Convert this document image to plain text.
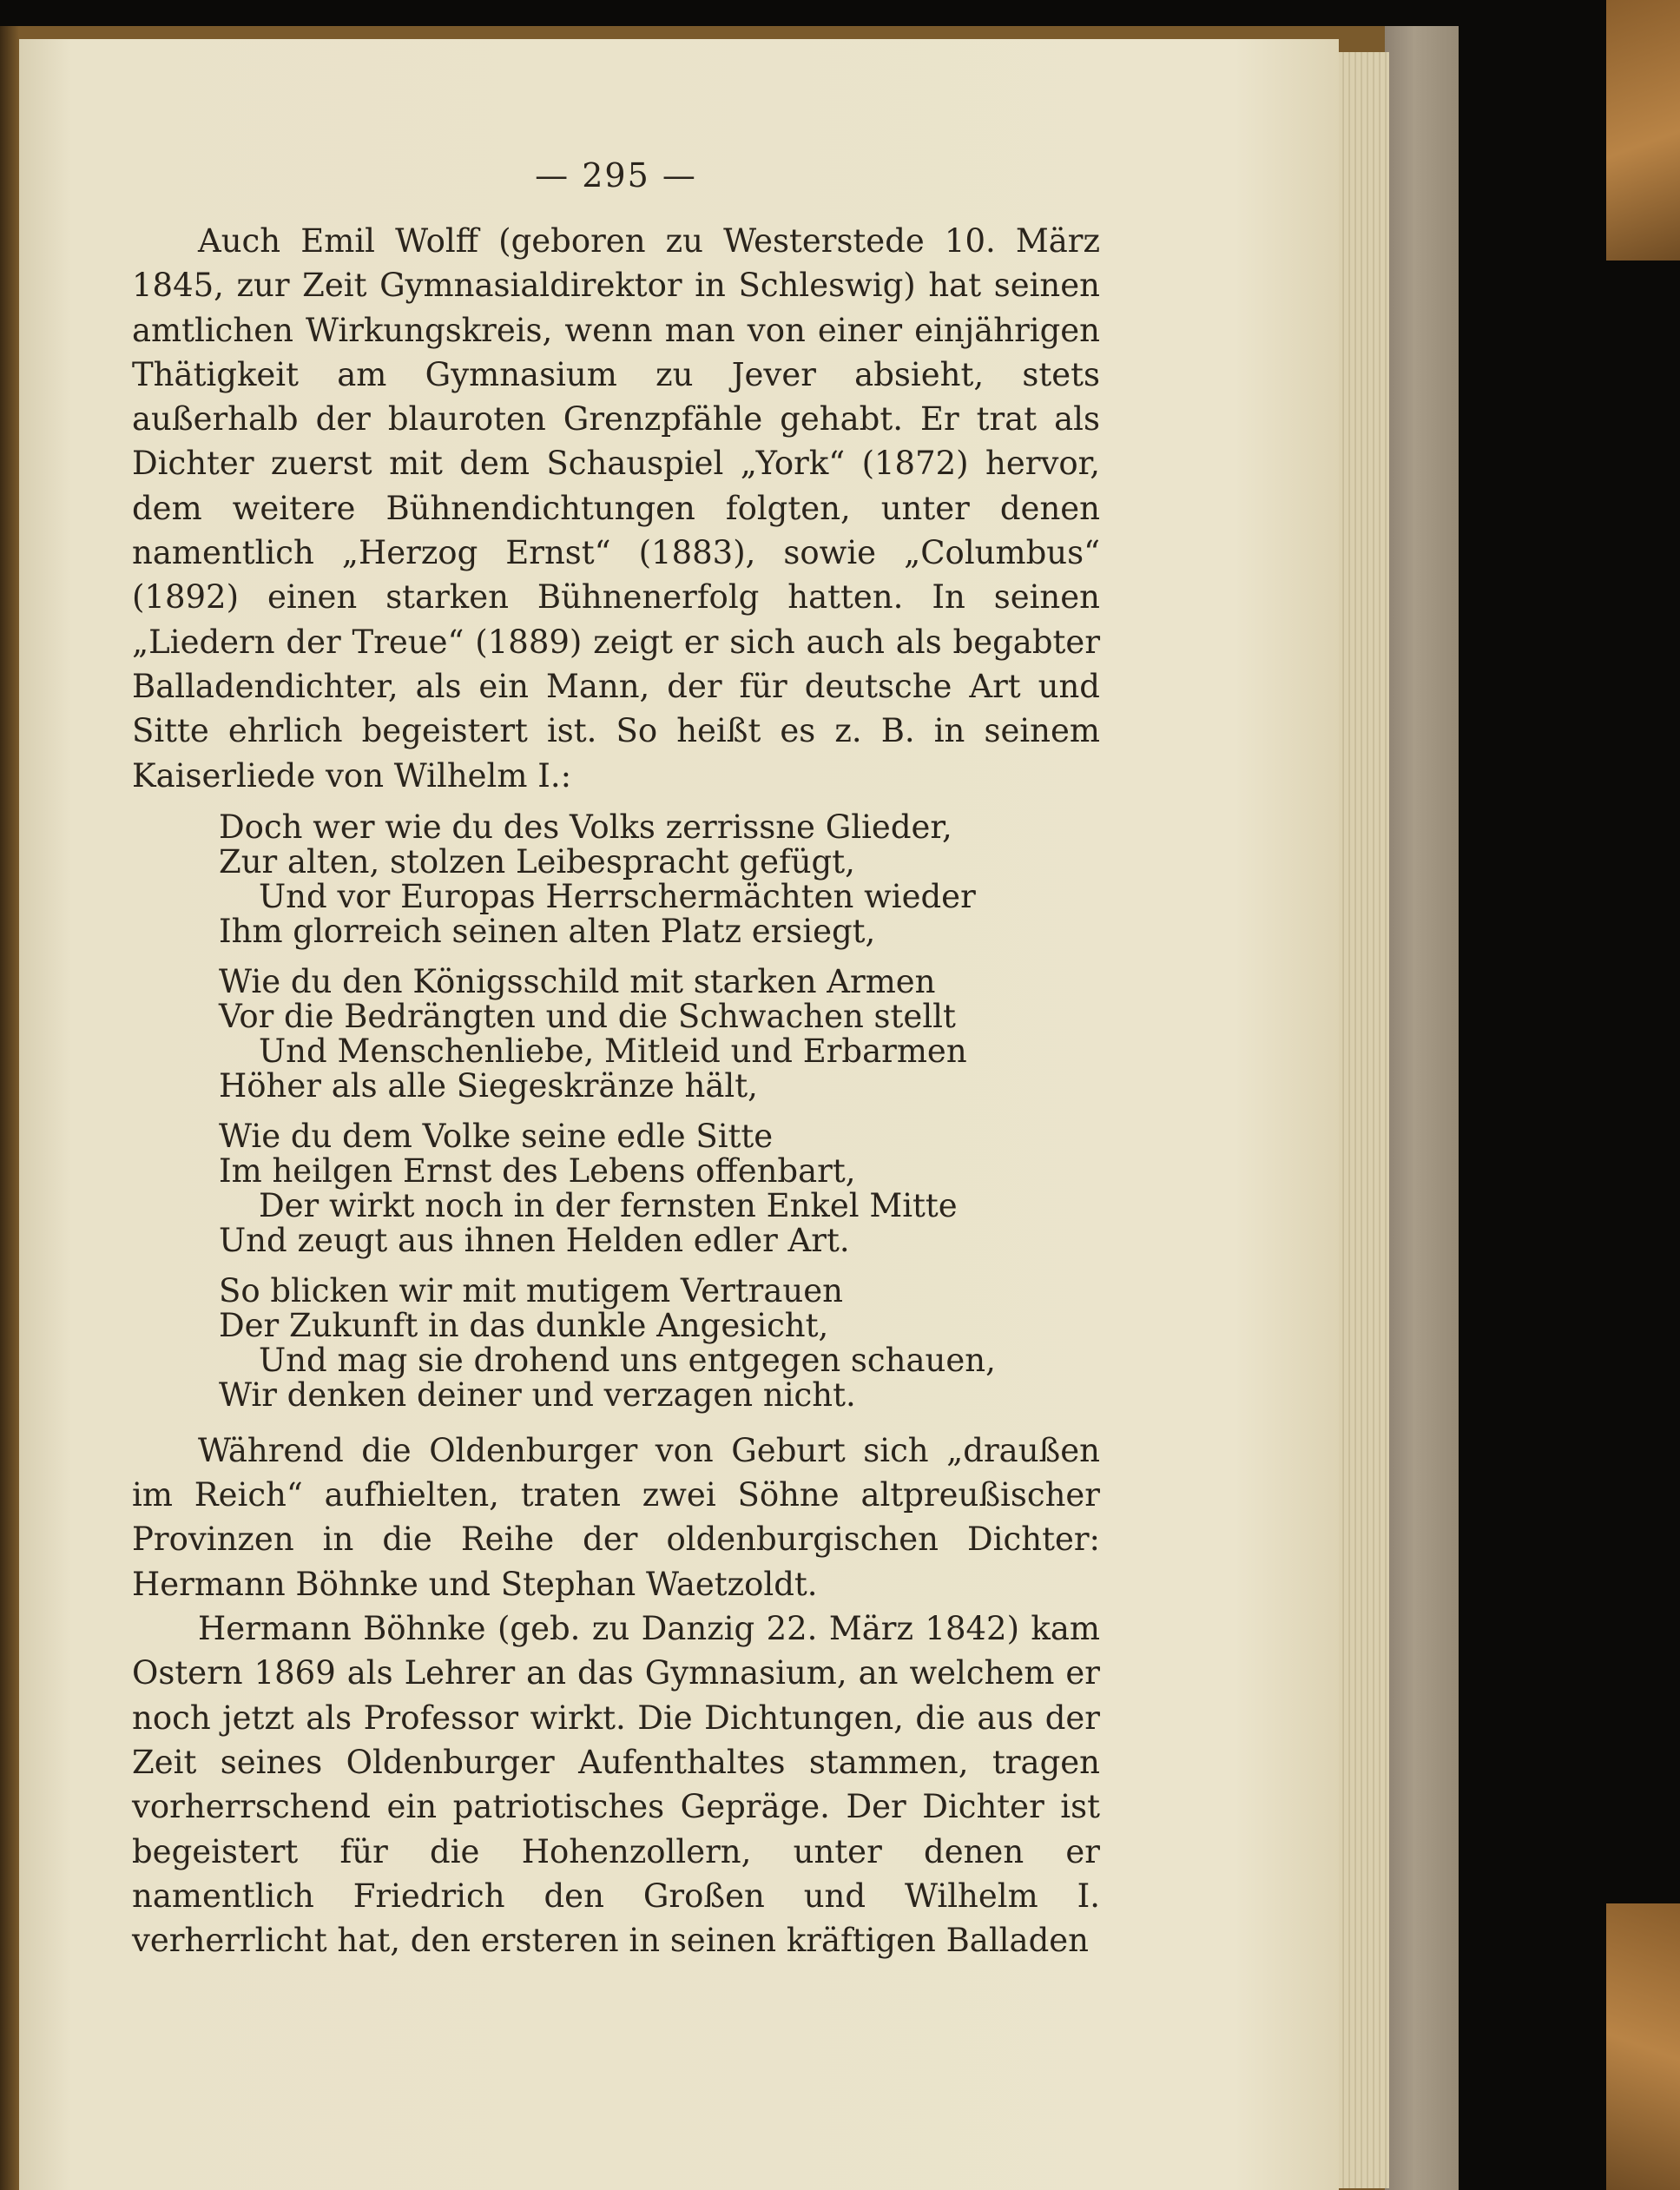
— 295 —

Auch Emil Wolff (geboren zu Westerstede 10. März 1845, zur Zeit Gymnasialdirektor in Schleswig) hat seinen amtlichen Wirkungskreis, wenn man von einer einjährigen Thätigkeit am Gymnasium zu Jever absieht, stets außerhalb der blauroten Grenzpfähle gehabt. Er trat als Dichter zuerst mit dem Schauspiel „York“ (1872) hervor, dem weitere Bühnendichtungen folgten, unter denen namentlich „Herzog Ernst“ (1883), sowie „Columbus“ (1892) einen starken Bühnenerfolg hatten. In seinen „Liedern der Treue“ (1889) zeigt er sich auch als begabter Balladendichter, als ein Mann, der für deutsche Art und Sitte ehrlich begeistert ist. So heißt es z. B. in seinem Kaiserliede von Wilhelm I.:

Doch wer wie du des Volks zerrissne Glieder,
Zur alten, stolzen Leibespracht gefügt,
Und vor Europas Herrschermächten wieder
Ihm glorreich seinen alten Platz ersiegt,
Wie du den Königsschild mit starken Armen
Vor die Bedrängten und die Schwachen stellt
Und Menschenliebe, Mitleid und Erbarmen
Höher als alle Siegeskränze hält,
Wie du dem Volke seine edle Sitte
Im heilgen Ernst des Lebens offenbart,
Der wirkt noch in der fernsten Enkel Mitte
Und zeugt aus ihnen Helden edler Art.
So blicken wir mit mutigem Vertrauen
Der Zukunft in das dunkle Angesicht,
Und mag sie drohend uns entgegen schauen,
Wir denken deiner und verzagen nicht.

Während die Oldenburger von Geburt sich „draußen im Reich“ aufhielten, traten zwei Söhne altpreußischer Provinzen in die Reihe der oldenburgischen Dichter: Hermann Böhnke und Stephan Waetzoldt.

Hermann Böhnke (geb. zu Danzig 22. März 1842) kam Ostern 1869 als Lehrer an das Gymnasium, an welchem er noch jetzt als Professor wirkt. Die Dichtungen, die aus der Zeit seines Oldenburger Aufenthaltes stammen, tragen vorherrschend ein patriotisches Gepräge. Der Dichter ist begeistert für die Hohenzollern, unter denen er namentlich Friedrich den Großen und Wilhelm I. verherrlicht hat, den ersteren in seinen kräftigen Balladen
